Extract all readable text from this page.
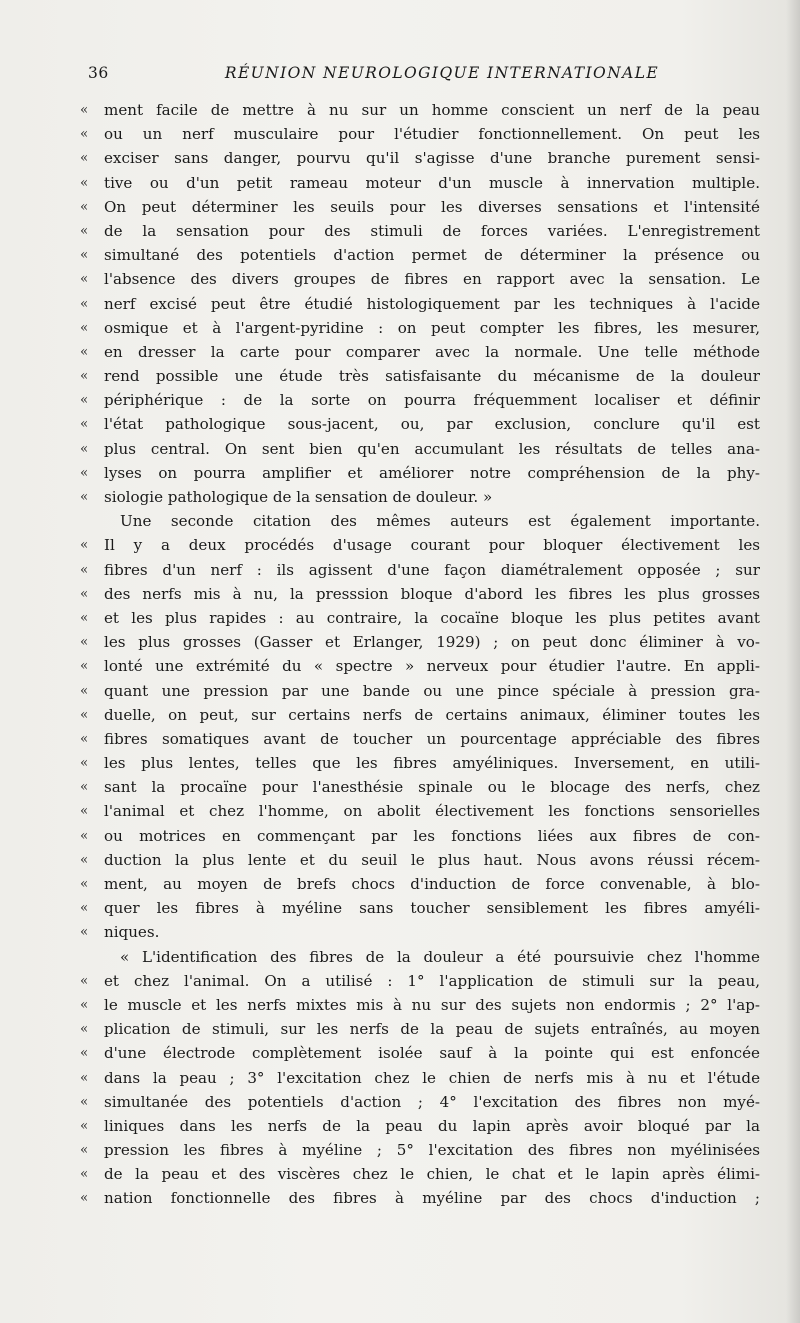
36	RÉUNION NEUROLOGIQUE INTERNATIONALE
«	ment facile de mettre à nu sur un homme conscient un nerf de la peau
«	ou un nerf musculaire pour l'étudier fonctionnellement. On peut les
«	exciser sans danger, pourvu qu'il s'agisse d'une branche purement sensi-
«	tive ou d'un petit rameau moteur d'un muscle à innervation multiple.
«	On peut déterminer les seuils pour les diverses sensations et l'intensité
«	de la sensation pour des stimuli de forces variées. L'enregistrement
«	simultané des potentiels d'action permet de déterminer la présence ou
«	l'absence des divers groupes de fibres en rapport avec la sensation. Le
«	nerf excisé peut être étudié histologiquement par les techniques à l'acide
«	osmique et à l'argent-pyridine : on peut compter les fibres, les mesurer,
«	en dresser la carte pour comparer avec la normale. Une telle méthode
«	rend possible une étude très satisfaisante du mécanisme de la douleur
«	périphérique : de la sorte on pourra fréquemment localiser et définir
«	l'état pathologique sous-jacent, ou, par exclusion, conclure qu'il est
«	plus central. On sent bien qu'en accumulant les résultats de telles ana-
«	lyses on pourra amplifier et améliorer notre compréhension de la phy-
«	siologie pathologique de la sensation de douleur. »
Une seconde citation des mêmes auteurs est également importante.
«	Il y a deux procédés d'usage courant pour bloquer électivement les
«	fibres d'un nerf : ils agissent d'une façon diamétralement opposée ; sur
«	des nerfs mis à nu, la presssion bloque d'abord les fibres les plus grosses
«	et les plus rapides : au contraire, la cocaïne bloque les plus petites avant
«	les plus grosses (Gasser et Erlanger, 1929) ; on peut donc éliminer à vo-
«	lonté une extrémité du « spectre » nerveux pour étudier l'autre. En appli-
«	quant une pression par une bande ou une pince spéciale à pression gra-
«	duelle, on peut, sur certains nerfs de certains animaux, éliminer toutes les
«	fibres somatiques avant de toucher un pourcentage appréciable des fibres
«	les plus lentes, telles que les fibres amyéliniques. Inversement, en utili-
«	sant la procaïne pour l'anesthésie spinale ou le blocage des nerfs, chez
«	l'animal et chez l'homme, on abolit électivement les fonctions sensorielles
«	ou motrices en commençant par les fonctions liées aux fibres de con-
«	duction la plus lente et du seuil le plus haut. Nous avons réussi récem-
«	ment, au moyen de brefs chocs d'induction de force convenable, à blo-
«	quer les fibres à myéline sans toucher sensiblement les fibres amyéli-
«	niques.
« L'identification des fibres de la douleur a été poursuivie chez l'homme
«	et chez l'animal. On a utilisé : 1° l'application de stimuli sur la peau,
«	le muscle et les nerfs mixtes mis à nu sur des sujets non endormis ; 2° l'ap-
«	plication de stimuli, sur les nerfs de la peau de sujets entraînés, au moyen
«	d'une électrode complètement isolée sauf à la pointe qui est enfoncée
«	dans la peau ; 3° l'excitation chez le chien de nerfs mis à nu et l'étude
«	simultanée des potentiels d'action ; 4° l'excitation des fibres non myé-
«	liniques dans les nerfs de la peau du lapin après avoir bloqué par la
«	pression les fibres à myéline ; 5° l'excitation des fibres non myélinisées
«	de la peau et des viscères chez le chien, le chat et le lapin après élimi-
«	nation fonctionnelle des fibres à myéline par des chocs d'induction ;
